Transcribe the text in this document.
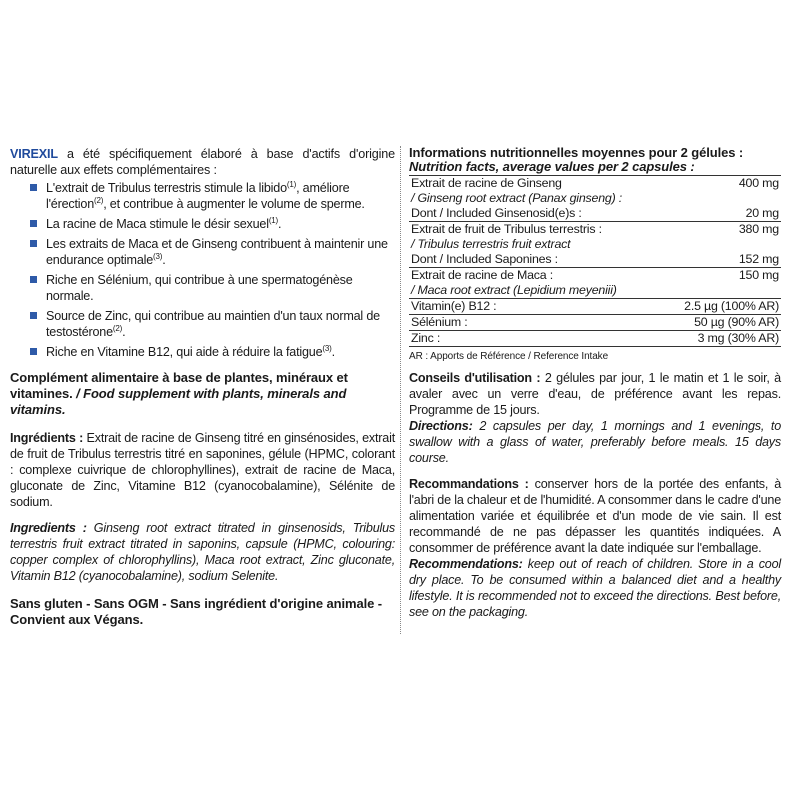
VIREXIL a été spécifiquement élaboré à base d'actifs d'origine naturelle aux effets complémentaires :

L'extrait de Tribulus terrestris stimule la libido$^{(1)}$, améliore l'érection$^{(2)}$, et contribue à augmenter le volume de sperme.
La racine de Maca stimule le désir sexuel$^{(1)}$.
Les extraits de Maca et de Ginseng contribuent à maintenir une endurance optimale$^{(3)}$.
Riche en Sélénium, qui contribue à une spermatogénèse normale.
Source de Zinc, qui contribue au maintien d'un taux normal de testostérone$^{(2)}$.
Riche en Vitamine B12, qui aide à réduire la fatigue$^{(3)}$.

Complément alimentaire à base de plantes, minéraux et vitamines. / Food supplement with plants, minerals and vitamins.

Ingrédients : Extrait de racine de Ginseng titré en ginsénosides, extrait de fruit de Tribulus terrestris titré en saponines, gélule (HPMC, colorant : complexe cuivrique de chlorophyllines), extrait de racine de Maca, gluconate de Zinc, Vitamine B12 (cyanocobalamine), Sélénite de sodium.

Ingredients : Ginseng root extract titrated in ginsenosids, Tribulus terrestris fruit extract titrated in saponins, capsule (HPMC, colouring: copper complex of chlorophyllins), Maca root extract, Zinc gluconate, Vitamin B12 (cyanocobalamine), sodium Selenite.

Sans gluten - Sans OGM - Sans ingrédient d'origine animale - Convient aux Végans.

Informations nutritionnelles moyennes pour 2 gélules :

Nutrition facts, average values per 2 capsules :

Extrait de racine de Ginseng	400 mg
/ Ginseng root extract (Panax ginseng) :	
Dont / Included Ginsenosid(e)s :	20 mg
Extrait de fruit de Tribulus terrestris :	380 mg
/ Tribulus terrestris fruit extract	
Dont / Included Saponines :	152 mg
Extrait de racine de Maca :	150 mg
/ Maca root extract (Lepidium meyeniii)	
Vitamin(e) B12 :	2.5 µg (100% AR)
Sélénium :	50 µg (90% AR)
Zinc :	3 mg (30% AR)

AR : Apports de Référence / Reference Intake

Conseils d'utilisation : 2 gélules par jour, 1 le matin et 1 le soir, à avaler avec un verre d'eau, de préférence avant les repas. Programme de 15 jours.

Directions: 2 capsules per day, 1 mornings and 1 evenings, to swallow with a glass of water, preferably before meals. 15 days course.

Recommandations : conserver hors de la portée des enfants, à l'abri de la chaleur et de l'humidité. A consommer dans le cadre d'une alimentation variée et équilibrée et d'un mode de vie sain. Il est recommandé de ne pas dépasser les quantités indiquées. A consommer de préférence avant la date indiquée sur l'emballage.

Recommendations: keep out of reach of children. Store in a cool dry place. To be consumed within a balanced diet and a healthy lifestyle. It is recommended not to exceed the directions. Best before, see on the packaging.
